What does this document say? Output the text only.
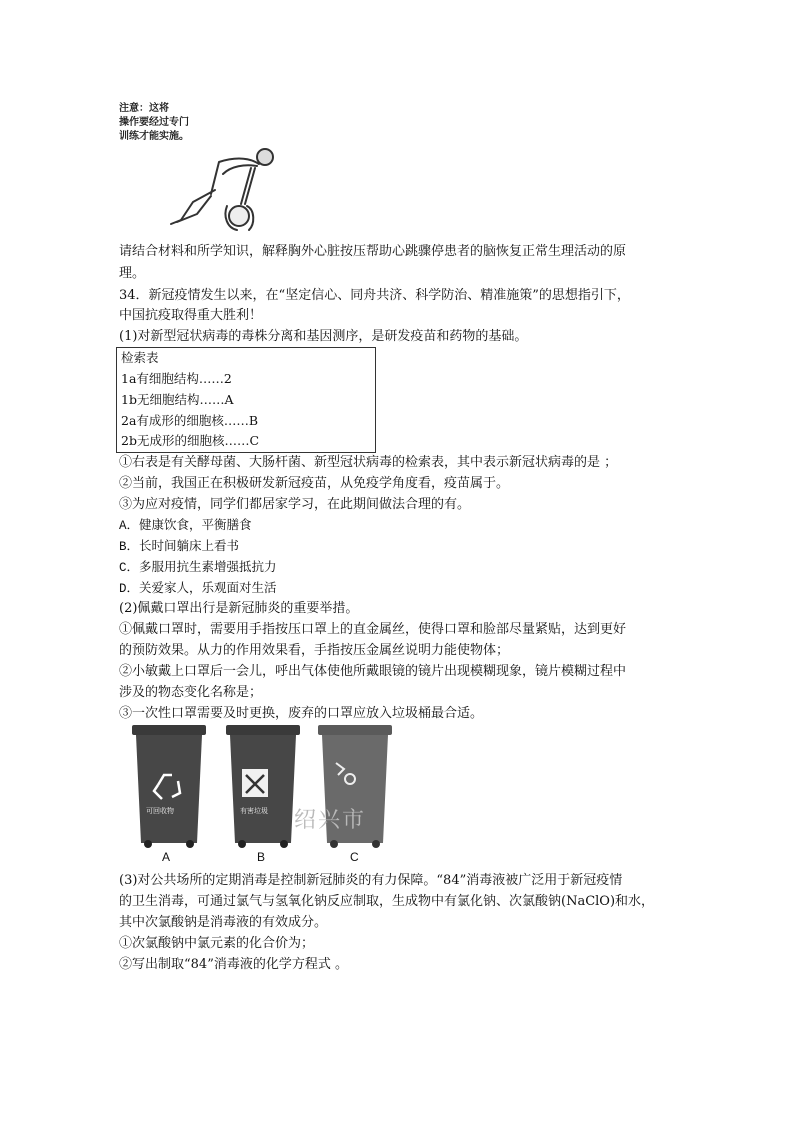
注意：这将
操作要经过专门
训练才能实施。
请结合材料和所学知识，解释胸外心脏按压帮助心跳骤停患者的脑恢复正常生理活动的原
理。
34．新冠疫情发生以来，在“坚定信心、同舟共济、科学防治、精准施策”的思想指引下，
中国抗疫取得重大胜利！
(1)对新型冠状病毒的毒株分离和基因测序，是研发疫苗和药物的基础。
检索表
1a有细胞结构……2
1b无细胞结构……A
2a有成形的细胞核……B
2b无成形的细胞核……C
①右表是有关酵母菌、大肠杆菌、新型冠状病毒的检索表，其中表示新冠状病毒的是 ；
②当前，我国正在积极研发新冠疫苗，从免疫学角度看，疫苗属于。
③为应对疫情，同学们都居家学习，在此期间做法合理的有。
A．健康饮食，平衡膳食
B．长时间躺床上看书
C．多服用抗生素增强抵抗力
D．关爱家人，乐观面对生活
(2)佩戴口罩出行是新冠肺炎的重要举措。
①佩戴口罩时，需要用手指按压口罩上的直金属丝，使得口罩和脸部尽量紧贴，达到更好
的预防效果。从力的作用效果看，手指按压金属丝说明力能使物体；
②小敏戴上口罩后一会儿，呼出气体使他所戴眼镜的镜片出现模糊现象，镜片模糊过程中
涉及的物态变化名称是；
③一次性口罩需要及时更换，废弃的口罩应放入垃圾桶最合适。
可回收物	有害垃圾 绍兴市
A	B	C
(3)对公共场所的定期消毒是控制新冠肺炎的有力保障。“84”消毒液被广泛用于新冠疫情
的卫生消毒，可通过氯气与氢氧化钠反应制取，生成物中有氯化钠、次氯酸钠(NaClO)和水，
其中次氯酸钠是消毒液的有效成分。
①次氯酸钠中氯元素的化合价为；
②写出制取“84”消毒液的化学方程式 。
